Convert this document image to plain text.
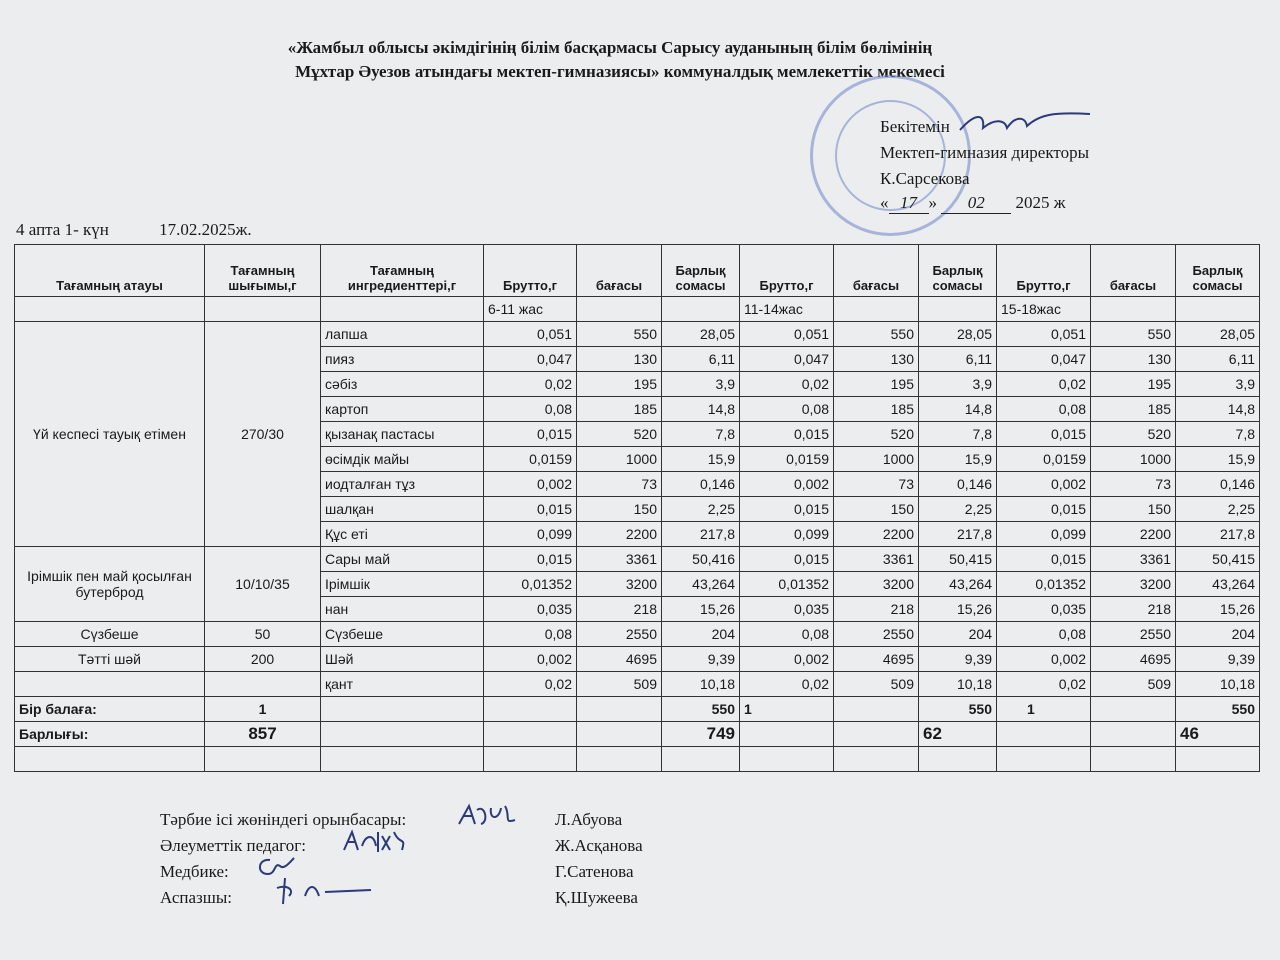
«Жамбыл облысы әкімдігінің білім басқармасы Сарысу ауданының білім бөлімінің
Мұхтар Әуезов атындағы мектеп-гимназиясы» коммуналдық мемлекеттік мекемесі
Бекітемін
Мектеп-гимназия директоры
К.Сарсекова
« 17 » 02 2025 ж
4 апта 1- күн	17.02.2025ж.
Тағамның атауы	Тағамның шығымы,г	Тағамның ингредиенттері,г	Брутто,г	бағасы	Барлық сомасы	Брутто,г	бағасы	Барлық сомасы	Брутто,г	бағасы	Барлық сомасы
			6-11 жас			11-14жас			15-18жас		
Үй кеспесі тауық етімен	270/30	лапша	0,051	550	28,05	0,051	550	28,05	0,051	550	28,05
		пияз	0,047	130	6,11	0,047	130	6,11	0,047	130	6,11
		сәбіз	0,02	195	3,9	0,02	195	3,9	0,02	195	3,9
		картоп	0,08	185	14,8	0,08	185	14,8	0,08	185	14,8
		қызанақ пастасы	0,015	520	7,8	0,015	520	7,8	0,015	520	7,8
		өсімдік майы	0,0159	1000	15,9	0,0159	1000	15,9	0,0159	1000	15,9
		иодталған тұз	0,002	73	0,146	0,002	73	0,146	0,002	73	0,146
		шалқан	0,015	150	2,25	0,015	150	2,25	0,015	150	2,25
		Құс еті	0,099	2200	217,8	0,099	2200	217,8	0,099	2200	217,8
Ірімшік пен май қосылған бутерброд	10/10/35	Сары май	0,015	3361	50,416	0,015	3361	50,415	0,015	3361	50,415
		Ірімшік	0,01352	3200	43,264	0,01352	3200	43,264	0,01352	3200	43,264
		нан	0,035	218	15,26	0,035	218	15,26	0,035	218	15,26
Сүзбеше	50	Сүзбеше	0,08	2550	204	0,08	2550	204	0,08	2550	204
Тәтті шәй	200	Шәй	0,002	4695	9,39	0,002	4695	9,39	0,002	4695	9,39
		қант	0,02	509	10,18	0,02	509	10,18	0,02	509	10,18
Бір балаға:	1				550	1		550	1		550
Барлығы:	857				749			62			46

Тәрбие ісі жөніндегі орынбасары:	Л.Абуова
Әлеуметтік педагог:	Ж.Асқанова
Медбике:	Г.Сатенова
Аспазшы:	Қ.Шужеева
